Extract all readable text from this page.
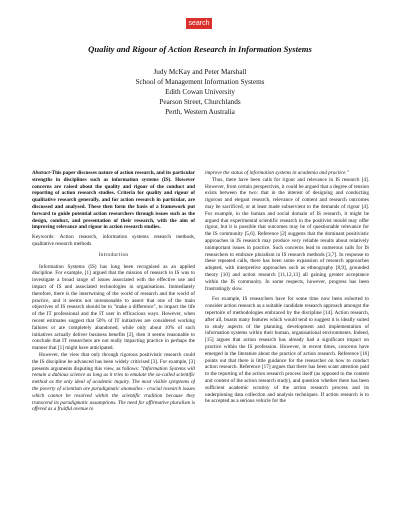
search
Quality and Rigour of Action Research in Information Systems
Judy McKay and Peter Marshall
School of Management Information Systems
Edith Cowan University
Pearson Street, Churchlands
Perth, Western Australia

Abstract-This paper discusses nature of action research, and its particular strengths in disciplines such as information systems (IS). However concerns are raised about the quality and rigour of the conduct and reporting of action research studies. Criteria for quality and rigour of qualitative research generally, and for action research in particular, are discussed and analysed. These then form the basis of a framework put forward to guide potential action researchers through issues such as the design, conduct, and presentation of their research, with the aim of improving relevance and rigour in action research studies.

Keywords: Action research, information systems research methods, qualitative research methods

Introduction

Information Systems (IS) has long been recognised as an applied discipline. For example, [1] argued that the mission of research in IS was to investigate a broad range of issues associated with the effective use and impact of IS and associated technologies in organisations. Immediately therefore, there is the intertwining of the world of research and the world of practice, and it seems not unreasonable to assert that one of the main objectives of IS research should be to "make a difference", to impact the life of the IT professional and the IT user in efficacious ways. However, when recent estimates suggest that 50% of IT initiatives are considered working failures or are completely abandoned, while only about 10% of such initiatives actually deliver business benefits [2], then it seems reasonable to conclude that IT researchers are not really impacting practice in perhaps the manner that [1] might have anticipated.

However, the view that only through rigorous positivistic research could the IS discipline be advanced has been widely criticised [3]. For example, [3] presents arguments disputing this view, as follows: "Information Systems will remain a dubious science as long as it tries to emulate the so-called scientific method as the only ideal of academic inquiry. The most visible symptoms of the poverty of scientism are paradigmatic anomalies - crucial research issues which cannot be resolved within the scientific tradition because they transcend its paradigmatic assumptions. The need for affirmative pluralism is offered as a fruitful avenue to

improve the status of information systems in academia and practice."

Thus, there have been calls for rigour and relevance in IS research [4]. However, from certain perspectives, it could be argued that a degree of tension exists between the two: that in the interest of designing and conducting rigorous and elegant research, relevance of content and research outcomes may be sacrificed, or at least made subservient to the demands of rigour [4]. For example, in the human and social domain of IS research, it might be argued that experimental scientific research in the positivist mould may offer rigour, but it is possible that outcomes may be of questionable relevance for the IS community [5,6]. Reference [2] suggests that the dominant positivistic approaches in IS research may produce very reliable results about relatively unimportant issues in practice. Such concerns lead to numerous calls for IS researchers to embrace pluralism in IS research methods [3,7]. In response to these repeated calls, there has been some expansion of research approaches adopted, with interpretive approaches such as ethnography [8,9], grounded theory [10] and action research [11,12,13] all gaining greater acceptance within the IS community. In some respects, however, progress has been frustratingly slow.

For example, IS researchers have for some time now been exhorted to consider action research as a suitable candidate research approach amongst the repertoire of methodologies embraced by the discipline [14]. Action research, after all, boasts many features which would tend to suggest it is ideally suited to study aspects of the planning, development and implementation of information systems within their human, organisational environments. Indeed, [15] argues that action research has already had a significant impact on practice within the IS profession. However, in recent times, concerns have emerged in the literature about the practice of action research. Reference [16] points out that there is little guidance for the researcher on how to conduct action research. Reference [17] argues that there has been scant attention paid to the reporting of the action research process itself (as opposed to the content and content of the action research study), and question whether there has been sufficient academic scrutiny of the action research process and its underpinning data collection and analysis techniques. If action research is to be accepted as a serious vehicle for the
